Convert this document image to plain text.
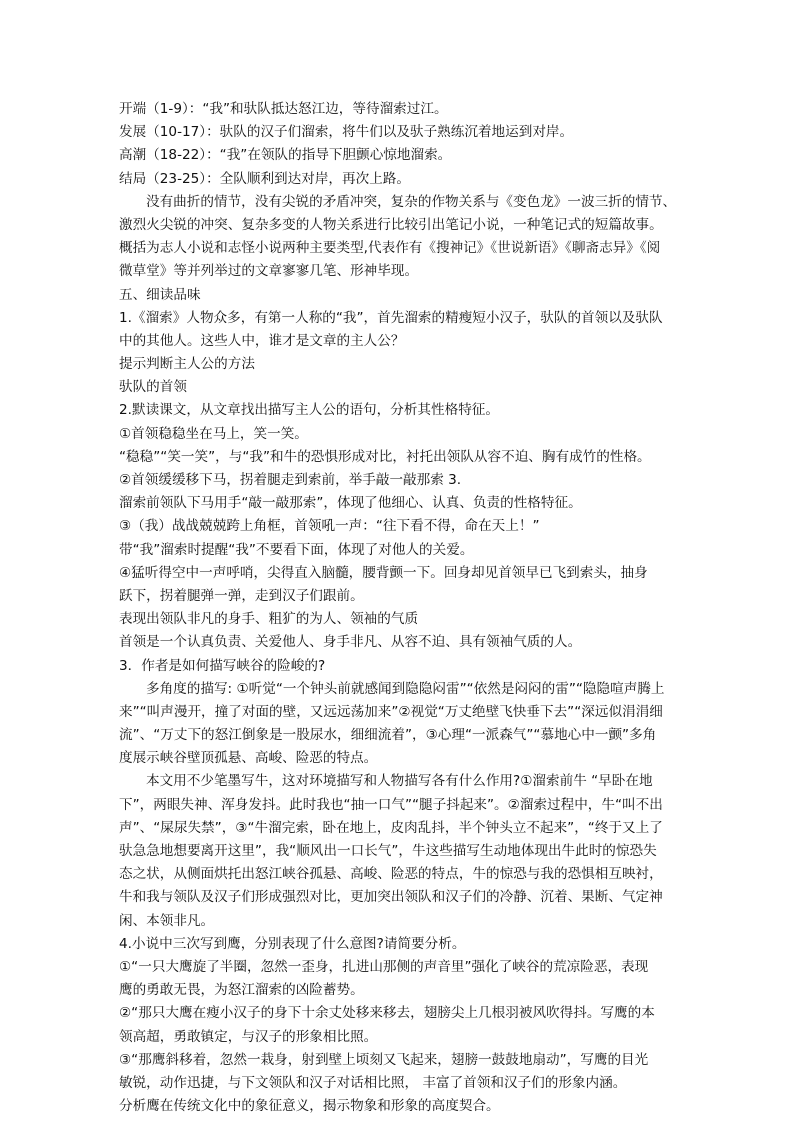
开端（1-9）：“我”和驮队抵达怒江边，等待溜索过江。
发展（10-17）：驮队的汉子们溜索，将牛们以及驮子熟练沉着地运到对岸。
高潮（18-22）：“我”在领队的指导下胆颤心惊地溜索。
结局（23-25）：全队顺利到达对岸，再次上路。
没有曲折的情节，没有尖锐的矛盾冲突，复杂的作物关系与《变色龙》一波三折的情节、
激烈火尖锐的冲突、复杂多变的人物关系进行比较引出笔记小说，一种笔记式的短篇故事。
概括为志人小说和志怪小说两种主要类型,代表作有《搜神记》《世说新语》《聊斋志异》《阅
微草堂》等并列举过的文章寥寥几笔、形神毕现。
五、细读品味
1.《溜索》人物众多，有第一人称的“我”，首先溜索的精瘦短小汉子，驮队的首领以及驮队
中的其他人。这些人中，谁才是文章的主人公？
提示判断主人公的方法
驮队的首领
2.默读课文，从文章找出描写主人公的语句，分析其性格特征。
①首领稳稳坐在马上，笑一笑。
“稳稳”“笑一笑”，与“我”和牛的恐惧形成对比，衬托出领队从容不迫、胸有成竹的性格。
②首领缓缓移下马，拐着腿走到索前，举手敲一敲那索 3.
溜索前领队下马用手“敲一敲那索”，体现了他细心、认真、负责的性格特征。
③（我）战战兢兢跨上角框，首领吼一声：“往下看不得，命在天上！”
带“我”溜索时提醒“我”不要看下面，体现了对他人的关爱。
④猛听得空中一声呼哨，尖得直入脑髓，腰背颤一下。回身却见首领早已飞到索头，抽身
跃下，拐着腿弹一弹，走到汉子们跟前。
表现出领队非凡的身手、粗犷的为人、领袖的气质
首领是一个认真负责、关爱他人、身手非凡、从容不迫、具有领袖气质的人。
3．作者是如何描写峡谷的险峻的?
多角度的描写: ①听觉“一个钟头前就感闻到隐隐闷雷”“依然是闷闷的雷”“隐隐喧声腾上
来”“叫声漫开，撞了对面的壁，又远远荡加来”②视觉“万丈绝壁飞快垂下去”“深远似涓涓细
流”、“万丈下的怒江倒象是一股尿水，细细流着”，③心理“一派森气”“慕地心中一颤”多角
度展示峡谷壁顶孤悬、高峻、险恶的特点。
本文用不少笔墨写牛，这对环境描写和人物描写各有什么作用?①溜索前牛 “早卧在地
下”，两眼失神、浑身发抖。此时我也“抽一口气”“腿子抖起来”。②溜索过程中，牛“叫不出
声”、“屎尿失禁”，③“牛溜完索，卧在地上，皮肉乱抖，半个钟头立不起来”，“终于又上了
驮急急地想要离开这里”，我“顺风出一口长气”，牛这些描写生动地体现出牛此时的惊恐失
态之状，从侧面烘托出怒江峡谷孤悬、高峻、险恶的特点，牛的惊恐与我的恐惧相互映衬，
牛和我与领队及汉子们形成强烈对比，更加突出领队和汉子们的冷静、沉着、果断、气定神
闲、本领非凡。
4.小说中三次写到鹰，分别表现了什么意图?请简要分析。
①“一只大鹰旋了半圈，忽然一歪身，扎进山那侧的声音里”强化了峡谷的荒凉险恶，表现
鹰的勇敢无畏，为怒江溜索的凶险蓄势。
②“那只大鹰在瘦小汉子的身下十余丈处移来移去，翅膀尖上几根羽被风吹得抖。写鹰的本
领高超，勇敢镇定，与汉子的形象相比照。
③“那鹰斜移着，忽然一栽身，射到壁上顷刻又飞起来，翅膀一鼓鼓地扇动”，写鹰的目光
敏锐，动作迅捷，与下文领队和汉子对话相比照， 丰富了首领和汉子们的形象内涵。
分析鹰在传统文化中的象征意义，揭示物象和形象的高度契合。
